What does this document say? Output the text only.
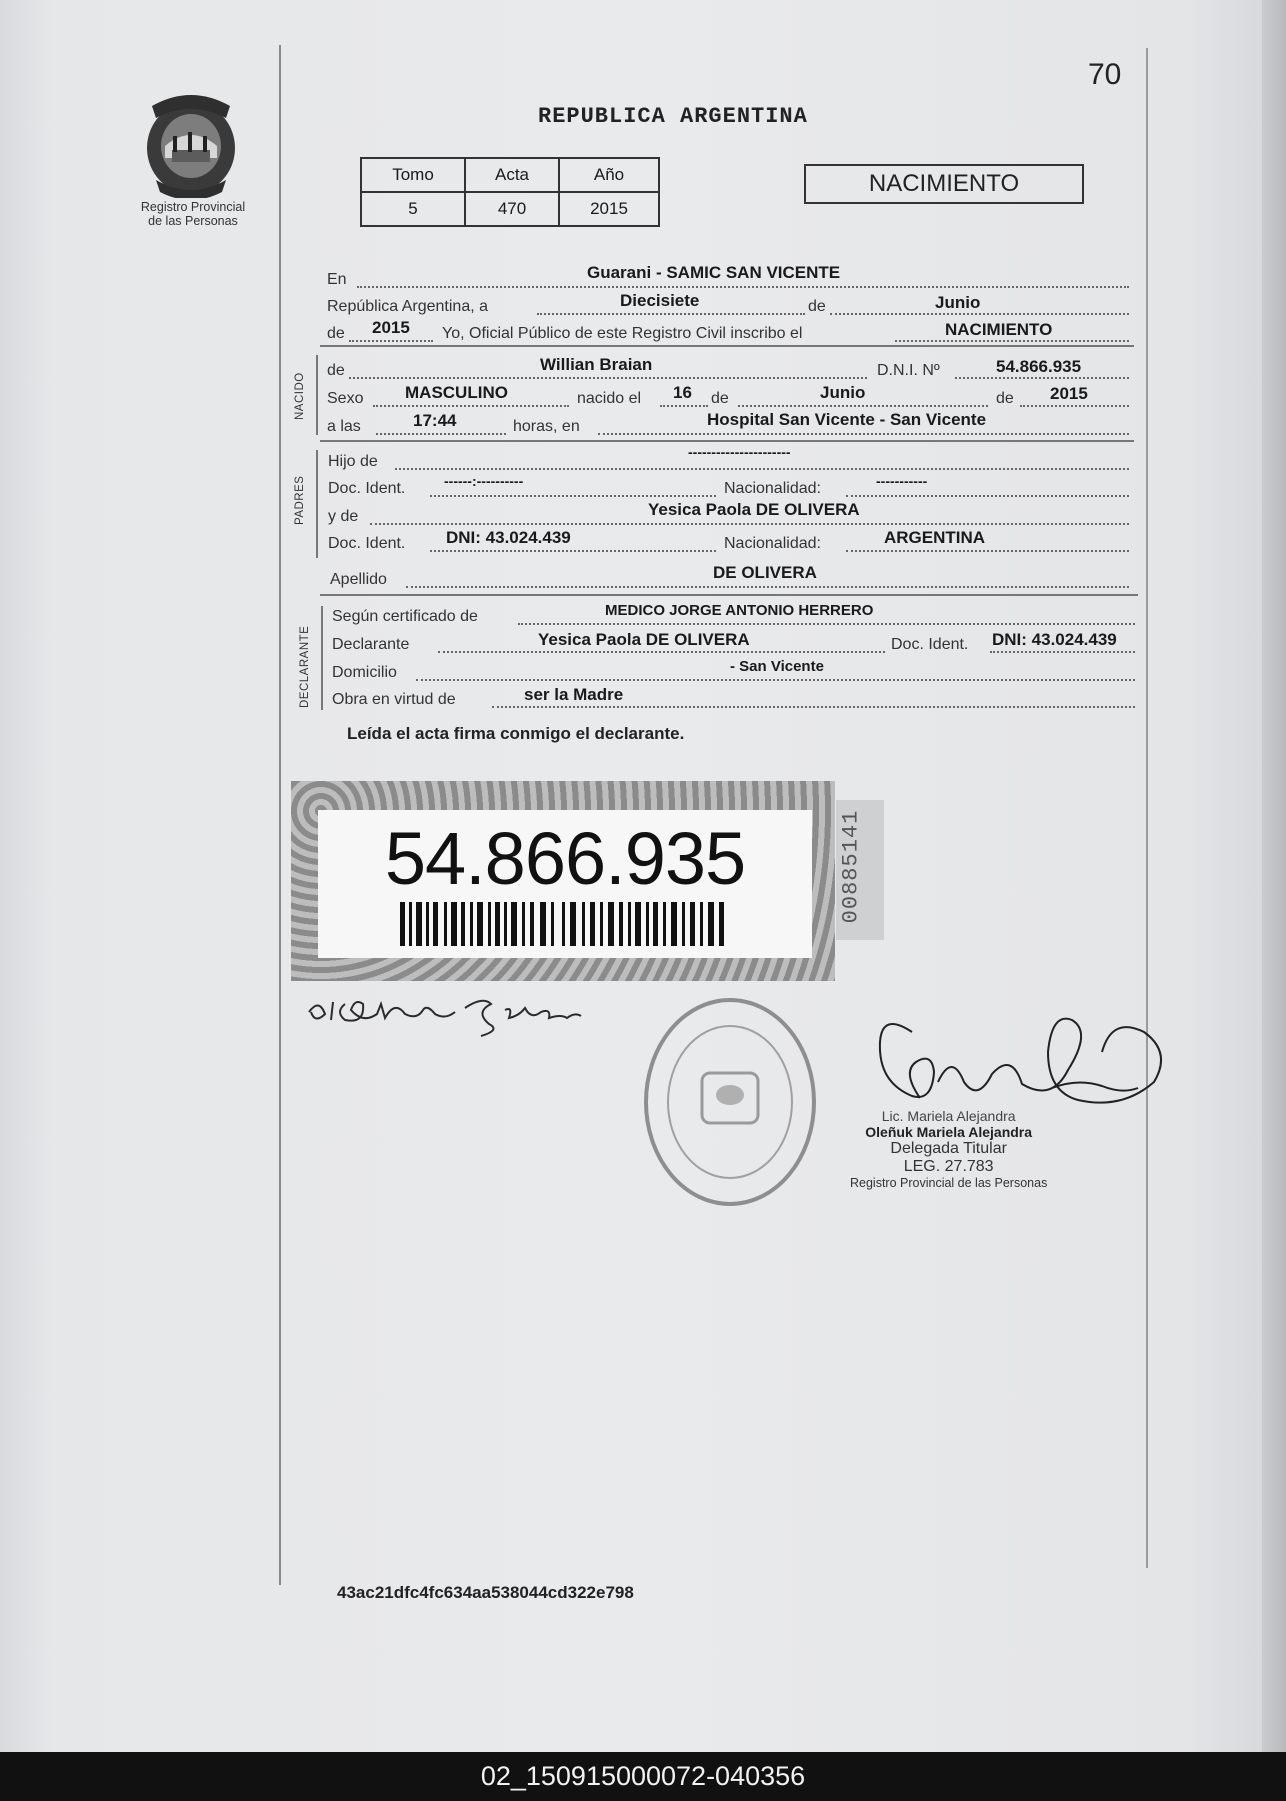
70
Registro Provincial
de las Personas
REPUBLICA ARGENTINA
Tomo	Acta	Año
5	470	2015
NACIMIENTO
En	Guarani - SAMIC SAN VICENTE
República Argentina, a	Diecisiete	de	Junio
de 2015 Yo, Oficial Público de este Registro Civil inscribo el	NACIMIENTO
NACIDO
de	Willian Braian	D.N.I. Nº	54.866.935
Sexo MASCULINO	nacido el 16 de	Junio	de 2015
a las	17:44	horas, en	Hospital San Vicente - San Vicente
PADRES
Hijo de
----------------------
Doc. Ident.	------:----------	Nacionalidad:	-----------
y de	Yesica Paola DE OLIVERA
Doc. Ident. DNI: 43.024.439	Nacionalidad:	ARGENTINA
Apellido	DE OLIVERA
DECLARANTE
Según certificado de	MEDICO JORGE ANTONIO HERRERO
Declarante	Yesica Paola DE OLIVERA	Doc. Ident. DNI: 43.024.439
Domicilio	- San Vicente
Obra en virtud de	ser la Madre
Leída el acta firma conmigo el declarante.
54.866.935	00885141
Lic. Mariela Alejandra
Oleñuk Mariela Alejandra
Delegada Titular
LEG. 27.783
Registro Provincial de las Personas
43ac21dfc4fc634aa538044cd322e798
02_150915000072-040356
